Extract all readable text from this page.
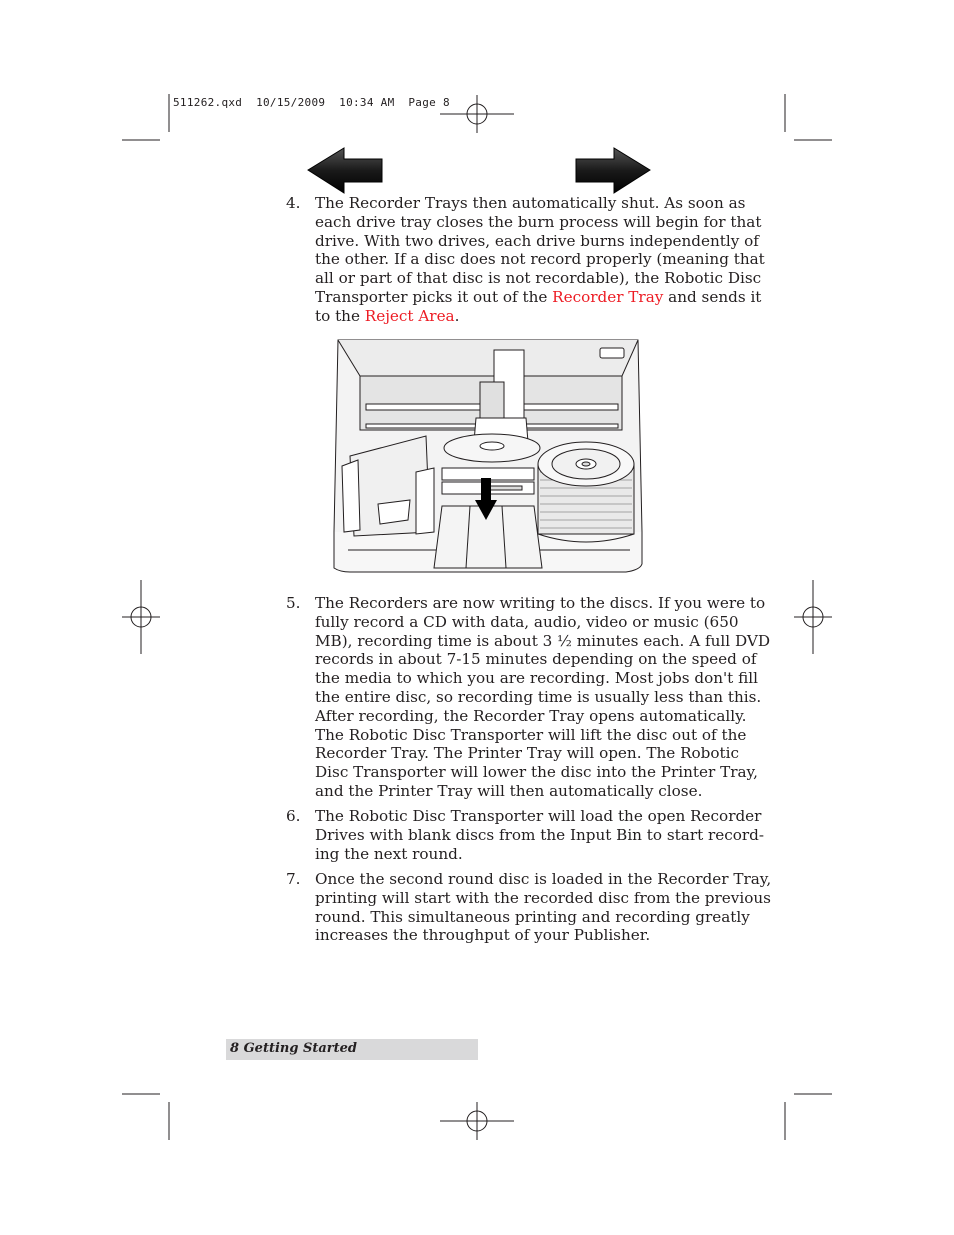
511262.qxd  10/15/2009  10:34 AM  Page 8
4. The Recorder Trays then automatically shut. As soon as
each drive tray closes the burn process will begin for that
drive. With two drives, each drive burns independently of
the other. If a disc does not record properly (meaning that
all or part of that disc is not recordable), the Robotic Disc
Transporter picks it out of the Recorder Tray and sends it
to the Reject Area.
5. The Recorders are now writing to the discs. If you were to
fully record a CD with data, audio, video or music (650
MB), recording time is about 3 ½ minutes each. A full DVD
records in about 7-15 minutes depending on the speed of
the media to which you are recording. Most jobs don't fill
the entire disc, so recording time is usually less than this.
After recording, the Recorder Tray opens automatically.
The Robotic Disc Transporter will lift the disc out of the
Recorder Tray. The Printer Tray will open. The Robotic
Disc Transporter will lower the disc into the Printer Tray,
and the Printer Tray will then automatically close.
6. The Robotic Disc Transporter will load the open Recorder
Drives with blank discs from the Input Bin to start record-
ing the next round.
7. Once the second round disc is loaded in the Recorder Tray,
printing will start with the recorded disc from the previous
round. This simultaneous printing and recording greatly
increases the throughput of your Publisher.
8 Getting Started
